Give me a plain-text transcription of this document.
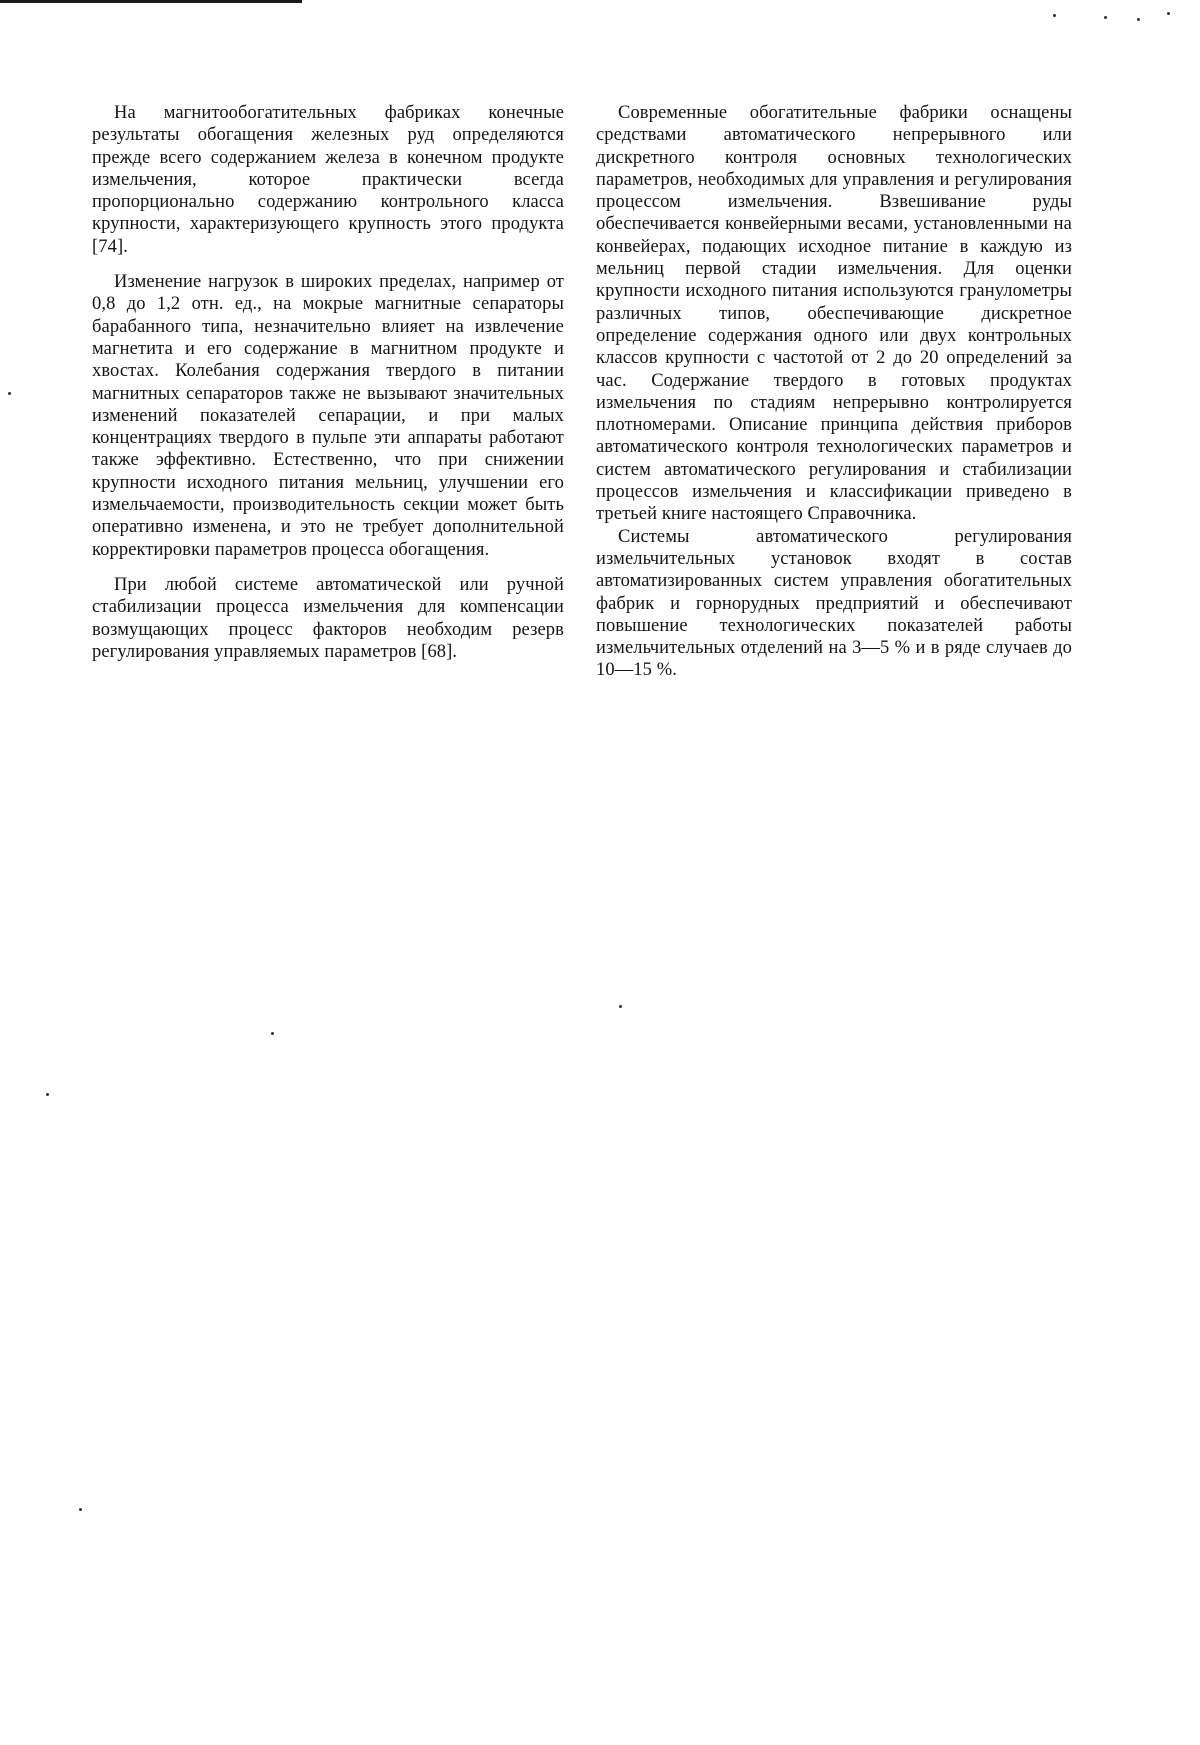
На магнитообогатительных фабриках конечные результаты обогащения железных руд определяются прежде всего содержанием железа в конечном продукте измельчения, которое практически всегда пропорционально содержанию контрольного класса крупности, характеризующего крупность этого продукта [74].

Изменение нагрузок в широких пределах, например от 0,8 до 1,2 отн. ед., на мокрые магнитные сепараторы барабанного типа, незначительно влияет на извлечение магнетита и его содержание в магнитном продукте и хвостах. Колебания содержания твердого в питании магнитных сепараторов также не вызывают значительных изменений показателей сепарации, и при малых концентрациях твердого в пульпе эти аппараты работают также эффективно. Естественно, что при снижении крупности исходного питания мельниц, улучшении его измельчаемости, производительность секции может быть оперативно изменена, и это не требует дополнительной корректировки параметров процесса обогащения.

При любой системе автоматической или ручной стабилизации процесса измельчения для компенсации возмущающих процесс факторов необходим резерв регулирования управляемых параметров [68].

Современные обогатительные фабрики оснащены средствами автоматического непрерывного или дискретного контроля основных технологических параметров, необходимых для управления и регулирования процессом измельчения. Взвешивание руды обеспечивается конвейерными весами, установленными на конвейерах, подающих исходное питание в каждую из мельниц первой стадии измельчения. Для оценки крупности исходного питания используются гранулометры различных типов, обеспечивающие дискретное определение содержания одного или двух контрольных классов крупности с частотой от 2 до 20 определений за час. Содержание твердого в готовых продуктах измельчения по стадиям непрерывно контролируется плотномерами. Описание принципа действия приборов автоматического контроля технологических параметров и систем автоматического регулирования и стабилизации процессов измельчения и классификации приведено в третьей книге настоящего Справочника.

Системы автоматического регулирования измельчительных установок входят в состав автоматизированных систем управления обогатительных фабрик и горнорудных предприятий и обеспечивают повышение технологических показателей работы измельчительных отделений на 3—5 % и в ряде случаев до 10—15 %.
